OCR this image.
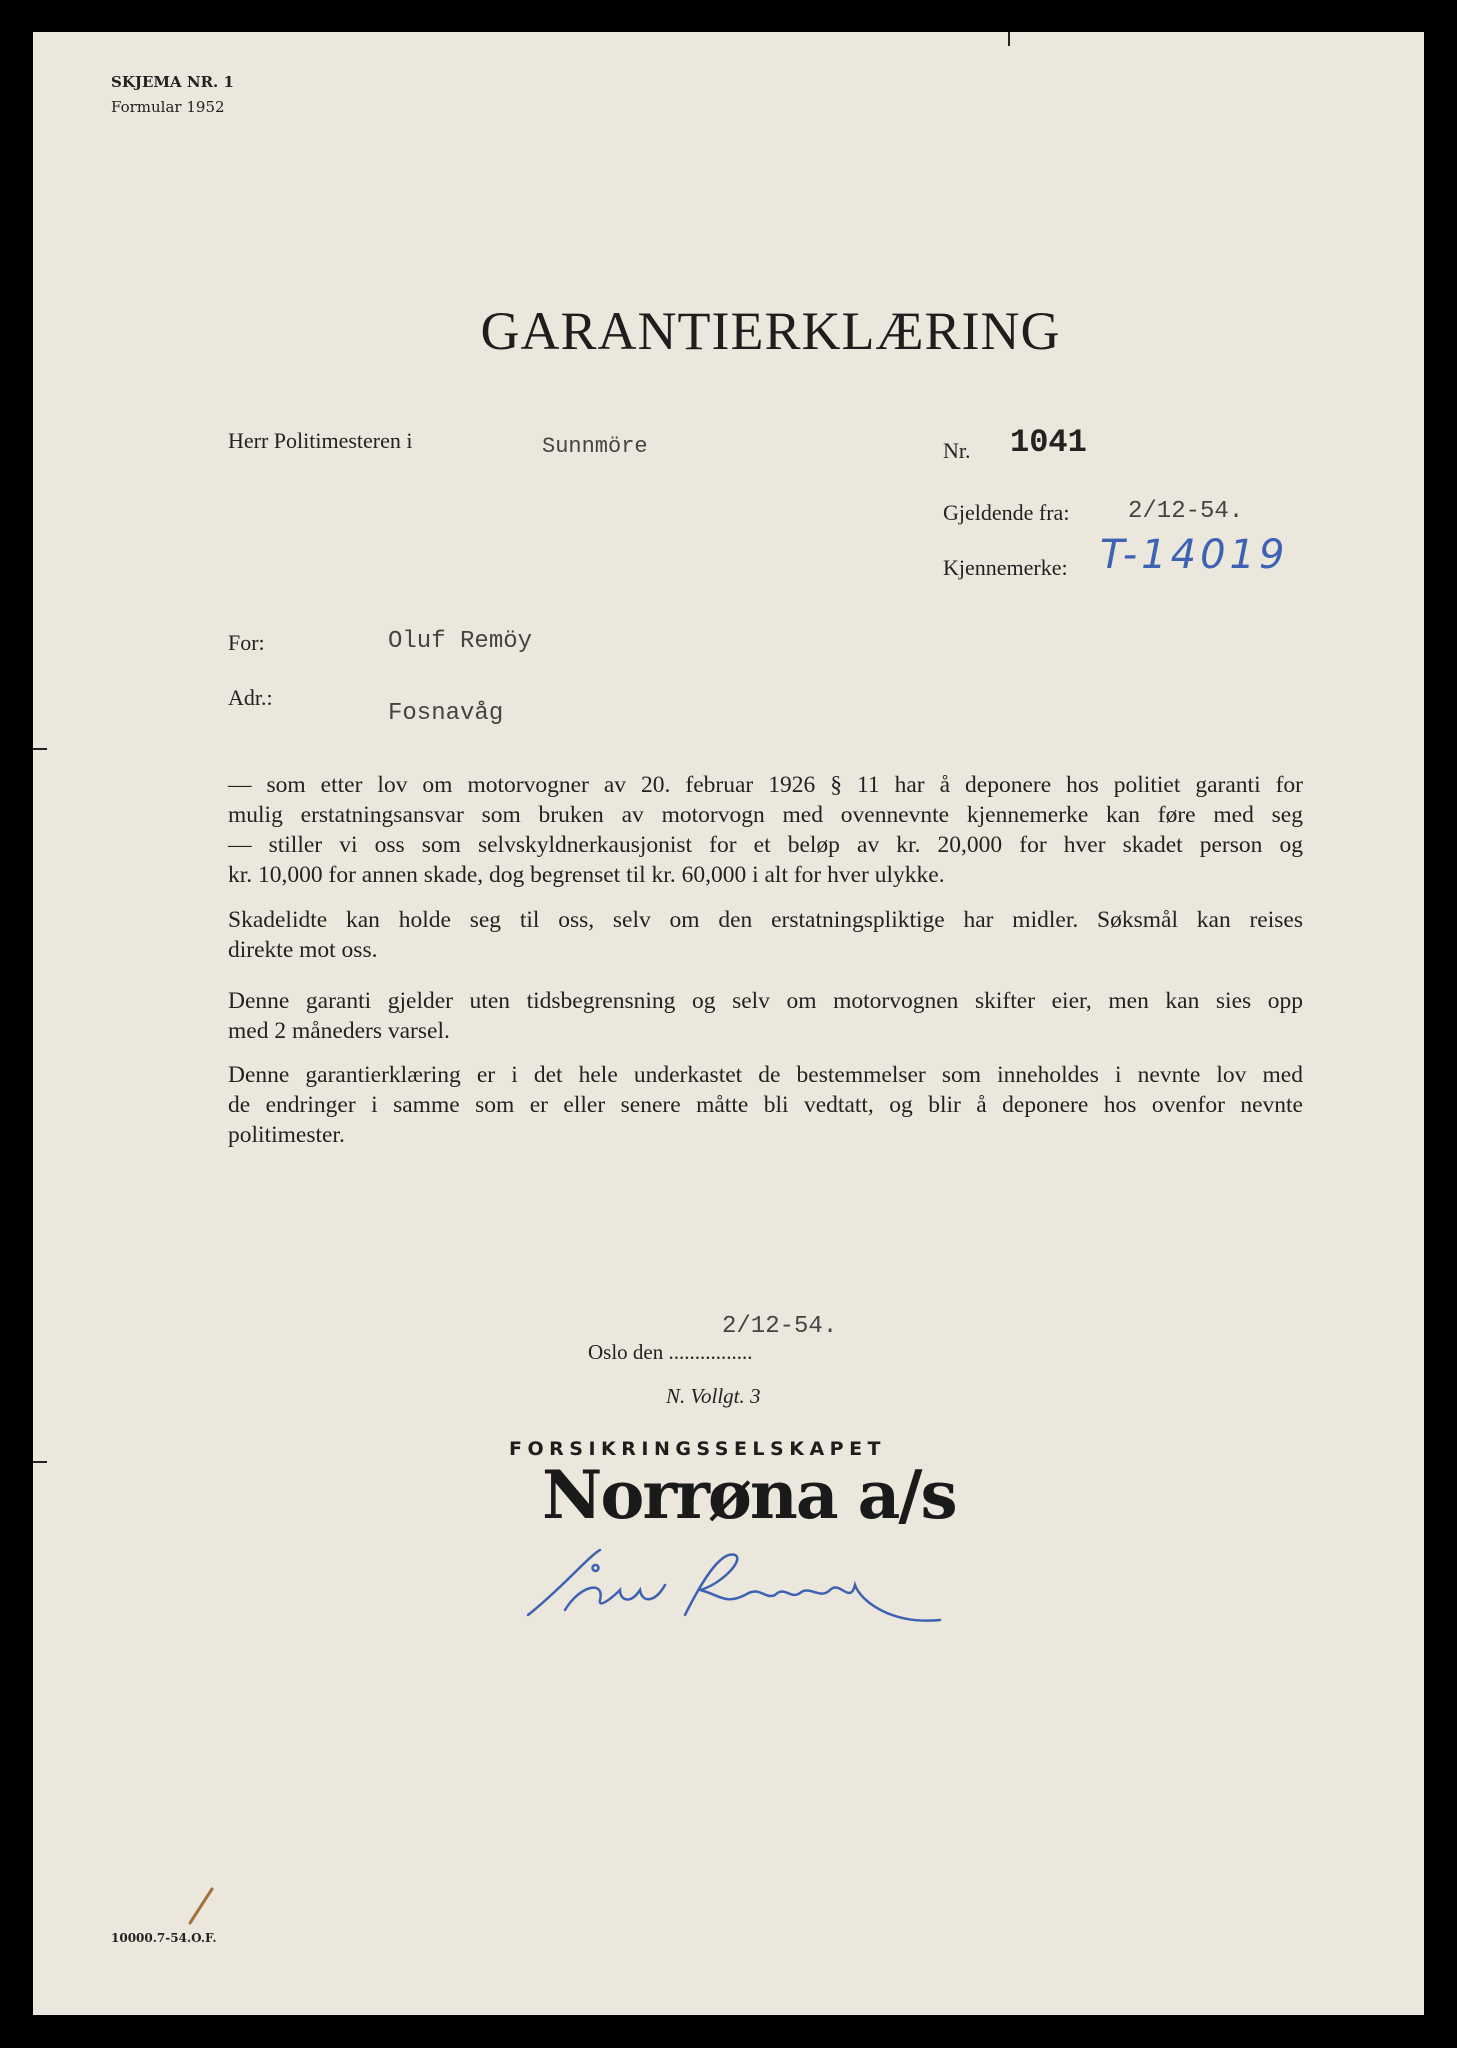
SKJEMA NR. 1
Formular 1952
GARANTIERKLÆRING
Herr Politimesteren i	Sunnmöre	Nr. 1041
Gjeldende fra: 2/12-54.
Kjennemerke: T-14019
For:	Oluf Remöy
Adr.:
Fosnavåg
— som etter lov om motorvogner av 20. februar 1926 § 11 har å deponere hos politiet garanti for
mulig erstatningsansvar som bruken av motorvogn med ovennevnte kjennemerke kan føre med seg
— stiller vi oss som selvskyldnerkausjonist for et beløp av kr. 20,000 for hver skadet person og
kr. 10,000 for annen skade, dog begrenset til kr. 60,000 i alt for hver ulykke.
Skadelidte kan holde seg til oss, selv om den erstatningspliktige har midler. Søksmål kan reises
direkte mot oss.
Denne garanti gjelder uten tidsbegrensning og selv om motorvognen skifter eier, men kan sies opp
med 2 måneders varsel.
Denne garantierklæring er i det hele underkastet de bestemmelser som inneholdes i nevnte lov med
de endringer i samme som er eller senere måtte bli vedtatt, og blir å deponere hos ovenfor nevnte
politimester.
2/12-54.
Oslo den ................
N. Vollgt. 3
FORSIKRINGSSELSKAPET
Norrøna a/s
10000.7-54.O.F.
